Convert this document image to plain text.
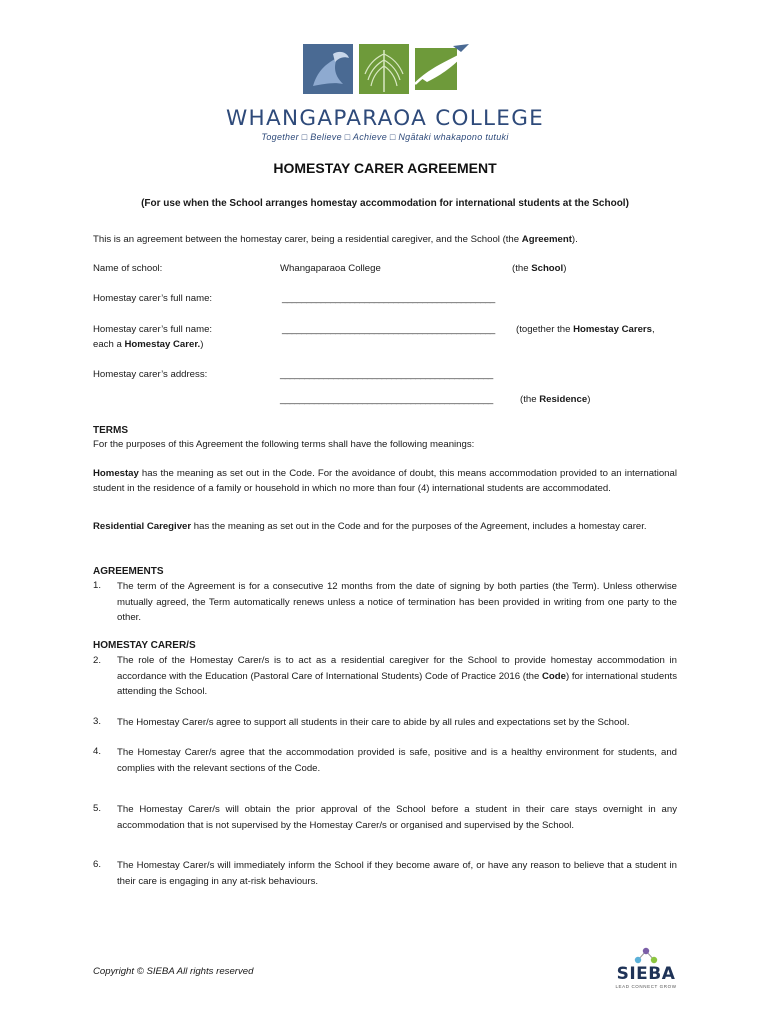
WHANGAPARAOA COLLEGE
Together □ Believe □ Achieve □ Ngātaki whakapono tutuki
HOMESTAY CARER AGREEMENT
(For use when the School arranges homestay accommodation for international students at the School)
This is an agreement between the homestay carer, being a residential caregiver, and the School (the Agreement).
Name of school:	Whangaparaoa College	(the School)
Homestay carer’s full name:	____________________________________________
Homestay carer’s full name:	____________________________________________ (together the Homestay Carers,
each a Homestay Carer.)
Homestay carer’s address:	____________________________________________
____________________________________________	(the Residence)
TERMS
For the purposes of this Agreement the following terms shall have the following meanings:
Homestay has the meaning as set out in the Code. For the avoidance of doubt, this means accommodation provided to an international student in the residence of a family or household in which no more than four (4) international students are accommodated.
Residential Caregiver has the meaning as set out in the Code and for the purposes of the Agreement, includes a homestay carer.
AGREEMENTS
1. The term of the Agreement is for a consecutive 12 months from the date of signing by both parties (the Term). Unless otherwise mutually agreed, the Term automatically renews unless a notice of termination has been provided in writing from one party to the other.
HOMESTAY CARER/S
2. The role of the Homestay Carer/s is to act as a residential caregiver for the School to provide homestay accommodation in accordance with the Education (Pastoral Care of International Students) Code of Practice 2016 (the Code) for international students attending the School.
3. The Homestay Carer/s agree to support all students in their care to abide by all rules and expectations set by the School.
4. The Homestay Carer/s agree that the accommodation provided is safe, positive and is a healthy environment for students, and complies with the relevant sections of the Code.
5. The Homestay Carer/s will obtain the prior approval of the School before a student in their care stays overnight in any accommodation that is not supervised by the Homestay Carer/s or organised and supervised by the School.
6. The Homestay Carer/s will immediately inform the School if they become aware of, or have any reason to believe that a student in their care is engaging in any at-risk behaviours.
Copyright © SIEBA All rights reserved	SIEBA
LEAD CONNECT GROW
